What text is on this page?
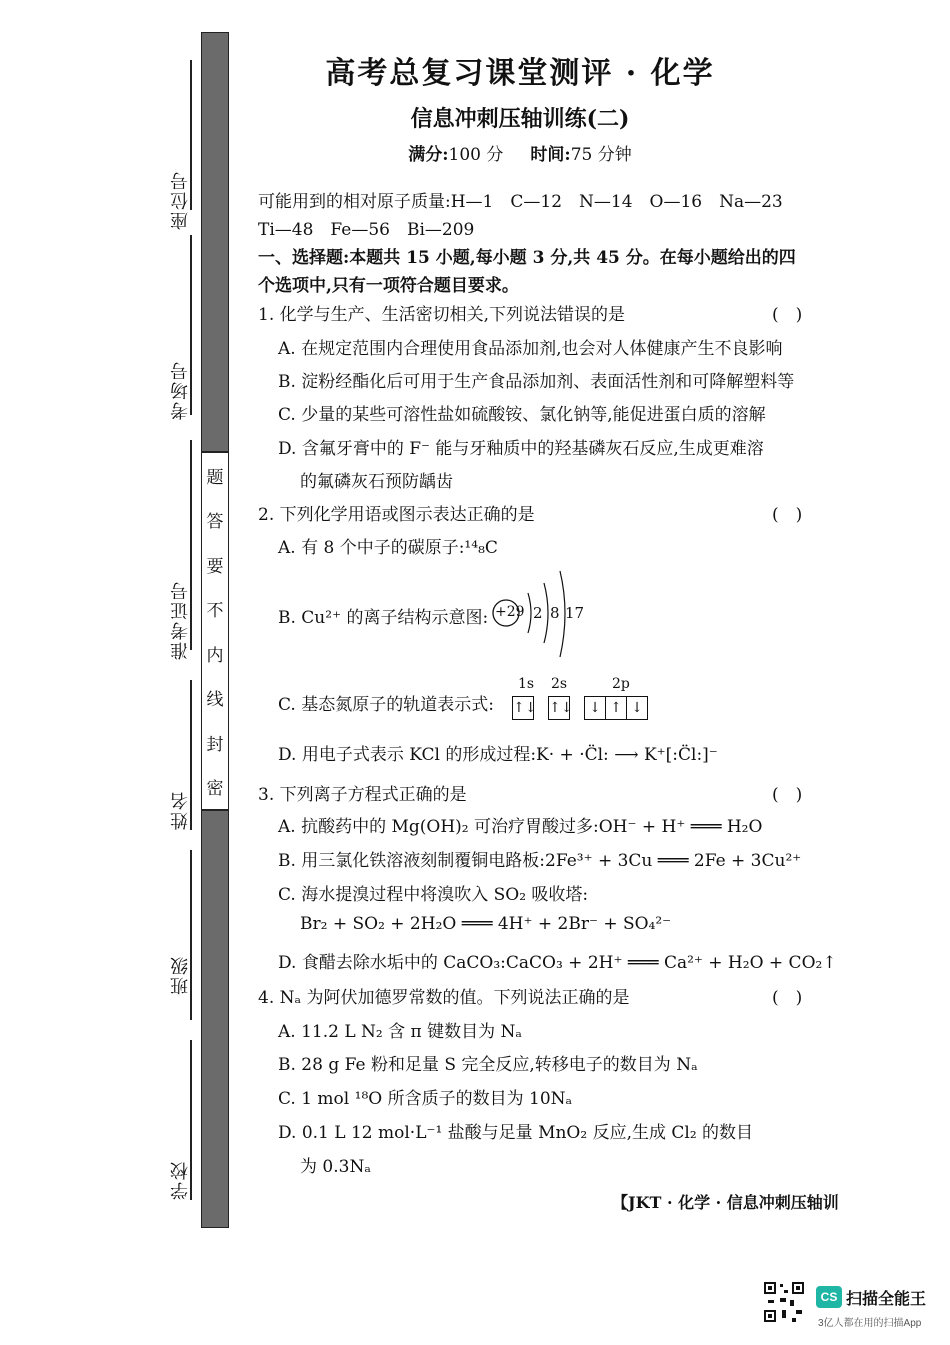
座位号
考场号
准考证号
姓名
班级
学校
题
答
要
不
内
线
封
密
高考总复习课堂测评 · 化学
信息冲刺压轴训练(二)
满分:100 分 时间:75 分钟
可能用到的相对原子质量:H—1　C—12　N—14　O—16　Na—23
Ti—48　Fe—56　Bi—209
一、选择题:本题共 15 小题,每小题 3 分,共 45 分。在每小题给出的四
个选项中,只有一项符合题目要求。
1. 化学与生产、生活密切相关,下列说法错误的是	(　)
A. 在规定范围内合理使用食品添加剂,也会对人体健康产生不良影响
B. 淀粉经酯化后可用于生产食品添加剂、表面活性剂和可降解塑料等
C. 少量的某些可溶性盐如硫酸铵、氯化钠等,能促进蛋白质的溶解
D. 含氟牙膏中的 F⁻ 能与牙釉质中的羟基磷灰石反应,生成更难溶
的氟磷灰石预防龋齿
2. 下列化学用语或图示表达正确的是	(　)
A. 有 8 个中子的碳原子:¹⁴₈C
B. Cu²⁺ 的离子结构示意图: +29 2 8 17
C. 基态氮原子的轨道表示式:
1s 2s	2p
↑↓ ↑↓	↓ ↑ ↓
D. 用电子式表示 KCl 的形成过程:K· + ·C̈l: ⟶ K⁺[:C̈l:]⁻
3. 下列离子方程式正确的是	(　)
A. 抗酸药中的 Mg(OH)₂ 可治疗胃酸过多:OH⁻ + H⁺ ═══ H₂O
B. 用三氯化铁溶液刻制覆铜电路板:2Fe³⁺ + 3Cu ═══ 2Fe + 3Cu²⁺
C. 海水提溴过程中将溴吹入 SO₂ 吸收塔:
Br₂ + SO₂ + 2H₂O ═══ 4H⁺ + 2Br⁻ + SO₄²⁻
D. 食醋去除水垢中的 CaCO₃:CaCO₃ + 2H⁺ ═══ Ca²⁺ + H₂O + CO₂↑
4. Nₐ 为阿伏加德罗常数的值。下列说法正确的是	(　)
A. 11.2 L N₂ 含 π 键数目为 Nₐ
B. 28 g Fe 粉和足量 S 完全反应,转移电子的数目为 Nₐ
C. 1 mol ¹⁸O 所含质子的数目为 10Nₐ
D. 0.1 L 12 mol·L⁻¹ 盐酸与足量 MnO₂ 反应,生成 Cl₂ 的数目
为 0.3Nₐ
【JKT · 化学 · 信息冲刺压轴训
CS 扫描全能王
3亿人都在用的扫描App
